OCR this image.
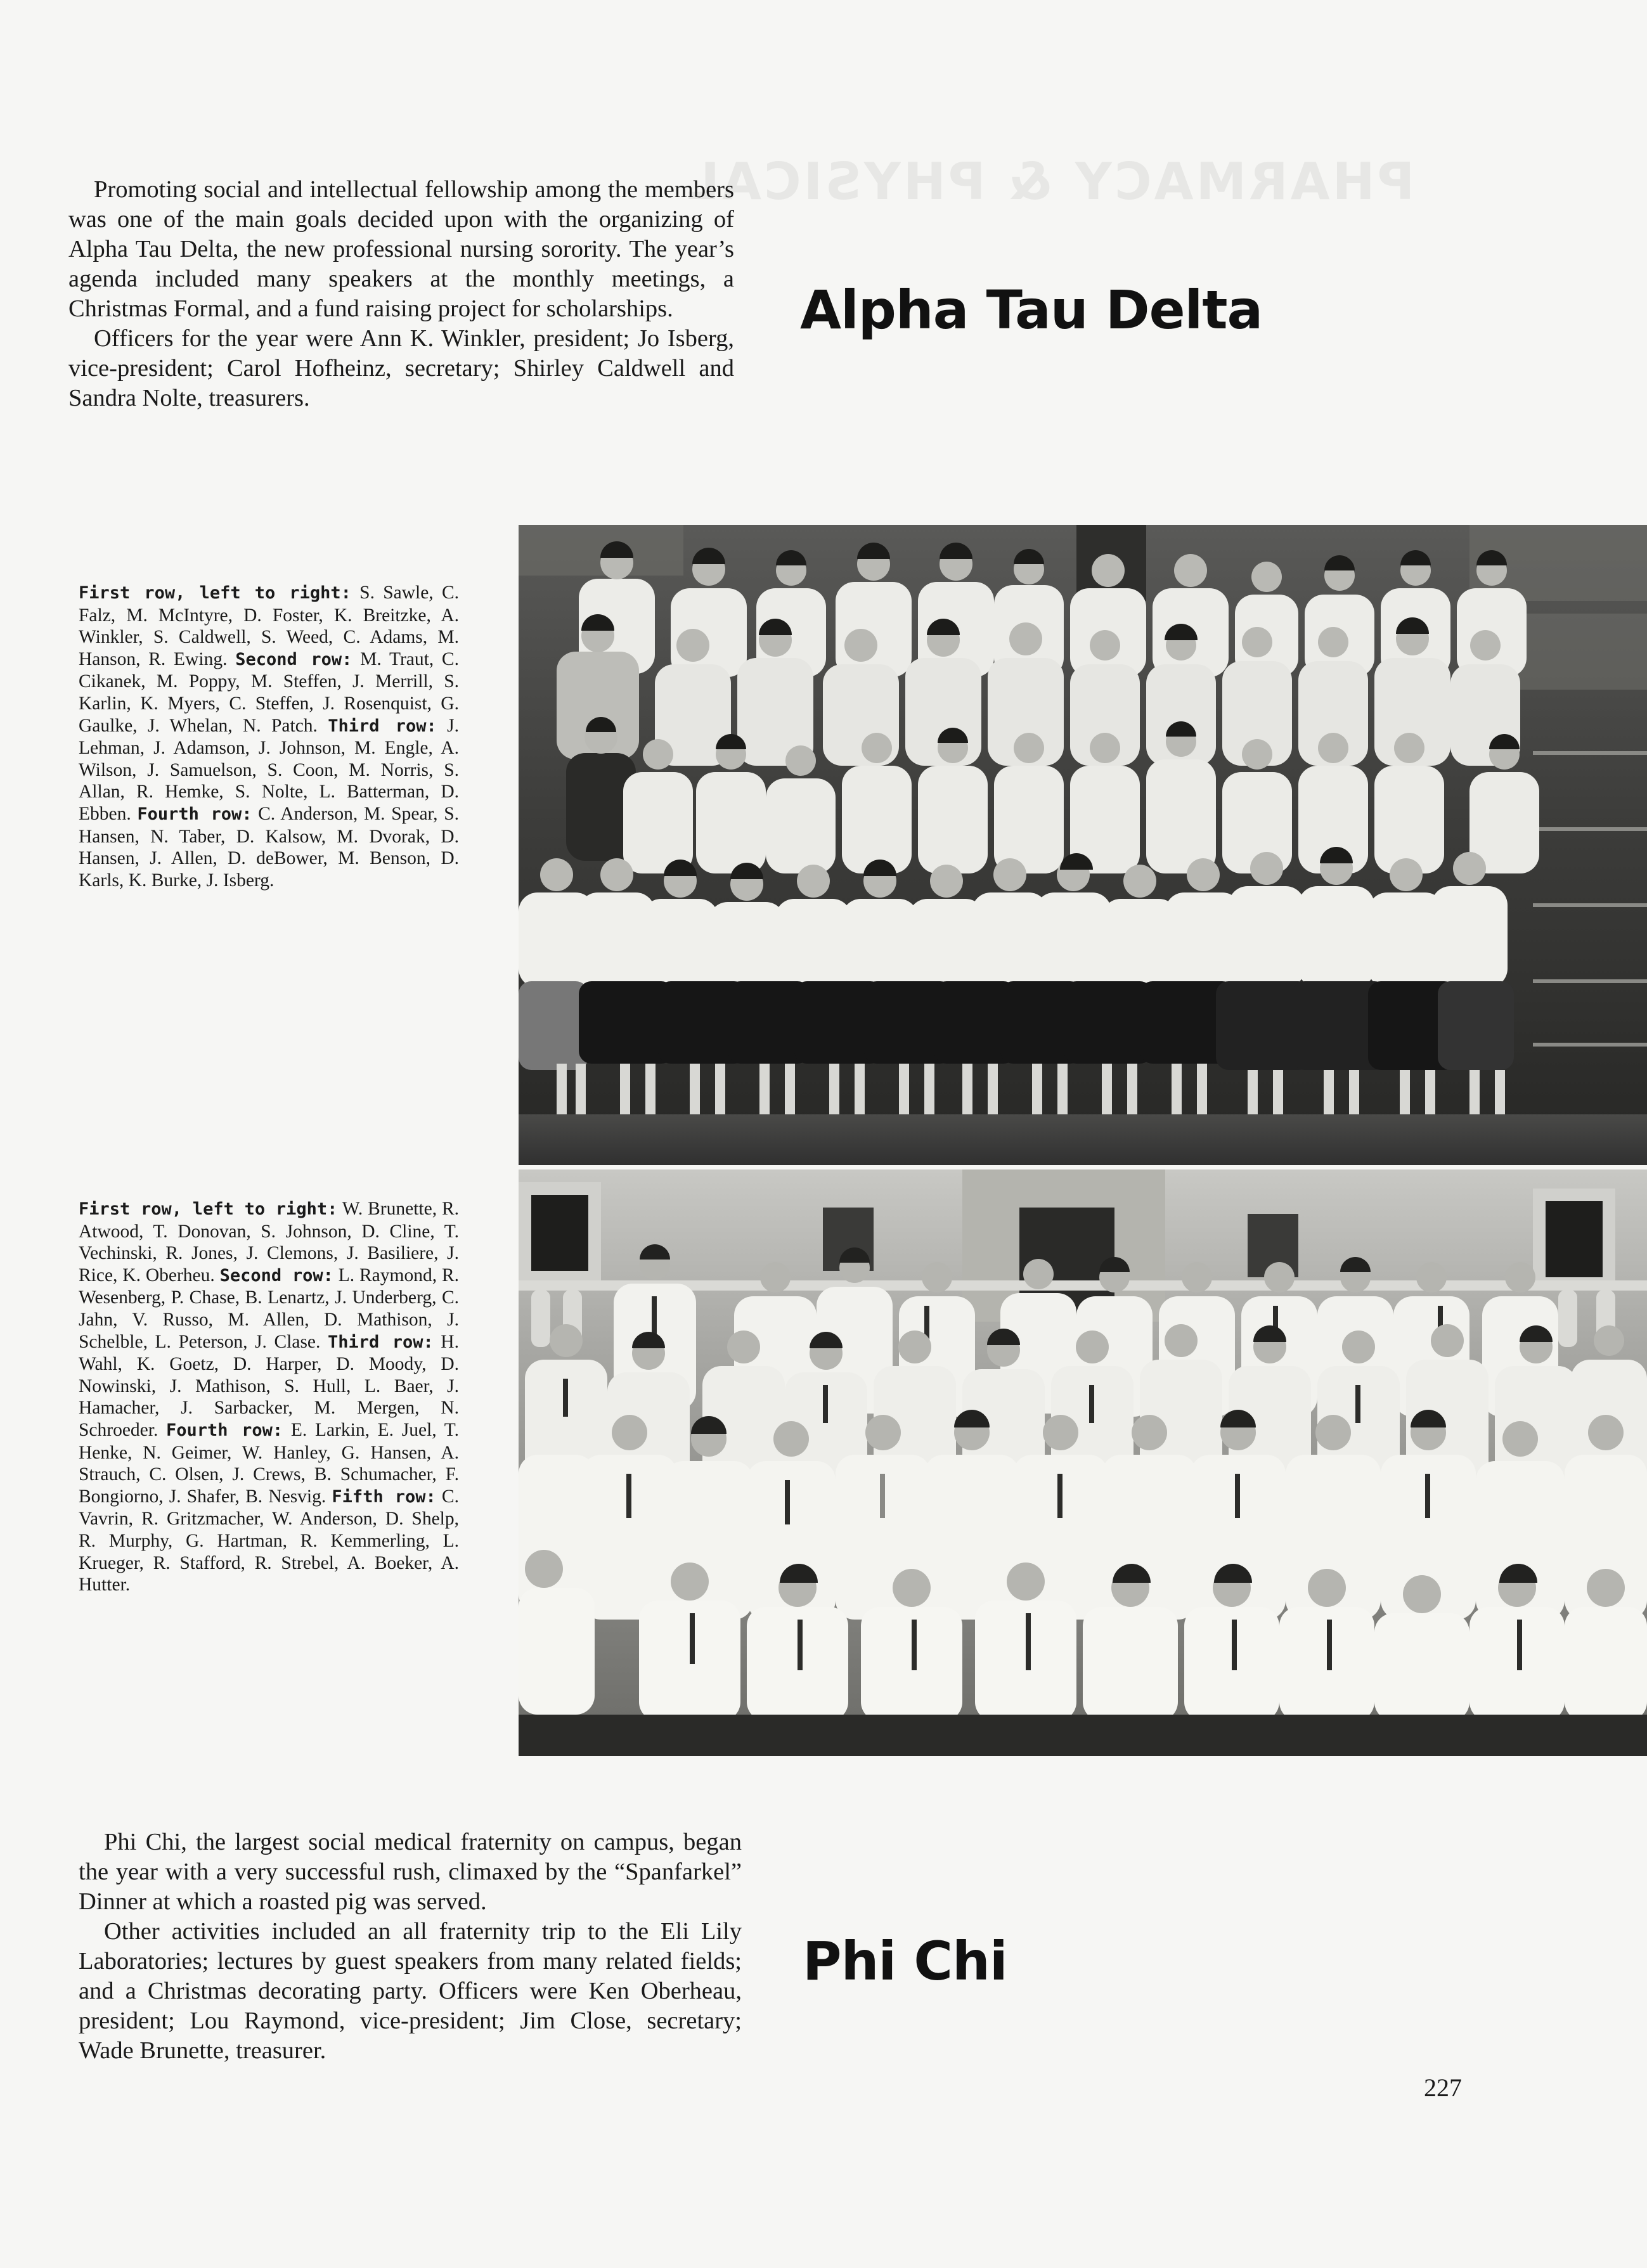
PHARMACY & PHYSICAL

Promoting social and intellectual fellowship among the members was one of the main goals decided upon with the organizing of Alpha Tau Delta, the new professional nursing sorority. The year’s agenda included many speakers at the monthly meetings, a Christmas Formal, and a fund raising project for scholarships.

Officers for the year were Ann K. Winkler, president; Jo Isberg, vice-president; Carol Hofheinz, secretary; Shirley Caldwell and Sandra Nolte, treasurers.

Alpha Tau Delta
First row, left to right: S. Sawle, C. Falz, M. McIntyre, D. Foster, K. Breitzke, A. Winkler, S. Caldwell, S. Weed, C. Adams, M. Hanson, R. Ewing. Second row: M. Traut, C. Cikanek, M. Poppy, M. Steffen, J. Merrill, S. Karlin, K. Myers, C. Steffen, J. Rosenquist, G. Gaulke, J. Whelan, N. Patch. Third row: J. Lehman, J. Adamson, J. Johnson, M. Engle, A. Wilson, J. Samuelson, S. Coon, M. Norris, S. Allan, R. Hemke, S. Nolte, L. Batterman, D. Ebben. Fourth row: C. Anderson, M. Spear, S. Hansen, N. Taber, D. Kalsow, M. Dvorak, D. Hansen, J. Allen, D. deBower, M. Benson, D. Karls, K. Burke, J. Isberg.
First row, left to right: W. Brunette, R. Atwood, T. Donovan, S. Johnson, D. Cline, T. Vechinski, R. Jones, J. Clemons, J. Basiliere, J. Rice, K. Oberheu. Second row: L. Raymond, R. Wesenberg, P. Chase, B. Lenartz, J. Underberg, C. Jahn, V. Russo, M. Allen, D. Mathison, J. Schelble, L. Peterson, J. Clase. Third row: H. Wahl, K. Goetz, D. Harper, D. Moody, D. Nowinski, J. Mathison, S. Hull, L. Baer, J. Hamacher, J. Sarbacker, M. Mergen, N. Schroeder. Fourth row: E. Larkin, E. Juel, T. Henke, N. Geimer, W. Hanley, G. Hansen, A. Strauch, C. Olsen, J. Crews, B. Schumacher, F. Bongiorno, J. Shafer, B. Nesvig. Fifth row: C. Vavrin, R. Gritzmacher, W. Anderson, D. Shelp, R. Murphy, G. Hartman, R. Kemmerling, L. Krueger, R. Stafford, R. Strebel, A. Boeker, A. Hutter.

Phi Chi, the largest social medical fraternity on campus, began the year with a very successful rush, climaxed by the “Spanfarkel” Dinner at which a roasted pig was served.

Other activities included an all fraternity trip to the Eli Lily Laboratories; lectures by guest speakers from many related fields; and a Christmas decorating party. Officers were Ken Oberheau, president; Lou Raymond, vice-president; Jim Close, secretary; Wade Brunette, treasurer.

Phi Chi
227
